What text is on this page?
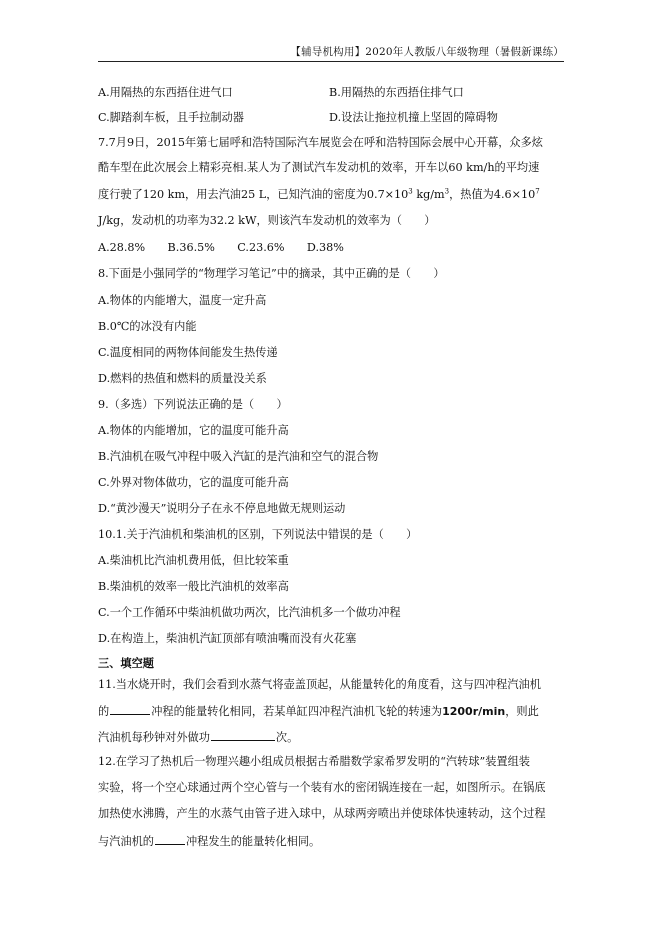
【辅导机构用】2020年人教版八年级物理（暑假新课练）
A.用隔热的东西捂住进气口	B.用隔热的东西捂住排气口
C.脚踏刹车板，且手拉制动器	D.设法让拖拉机撞上坚固的障碍物
7.7月9日，2015年第七届呼和浩特国际汽车展览会在呼和浩特国际会展中心开幕，众多炫
酷车型在此次展会上精彩亮相.某人为了测试汽车发动机的效率，开车以60 km/h的平均速
度行驶了120 km，用去汽油25 L，已知汽油的密度为$0.7\times 10^3$ $kg/m^3$，热值为$4.6\times 10^7$
J/kg，发动机的功率为32.2 kW，则该汽车发动机的效率为（　　）
A.28.8%　　B.36.5%　　C.23.6%　　D.38%
8.下面是小强同学的“物理学习笔记”中的摘录，其中正确的是（　　）
A.物体的内能增大，温度一定升高
B.0℃的冰没有内能
C.温度相同的两物体间能发生热传递
D.燃料的热值和燃料的质量没关系
9.（多选）下列说法正确的是（　　）
A.物体的内能增加，它的温度可能升高
B.汽油机在吸气冲程中吸入汽缸的是汽油和空气的混合物
C.外界对物体做功，它的温度可能升高
D.“黄沙漫天”说明分子在永不停息地做无规则运动
10.1.关于汽油机和柴油机的区别，下列说法中错误的是（　　）
A.柴油机比汽油机费用低，但比较笨重
B.柴油机的效率一般比汽油机的效率高
C.一个工作循环中柴油机做功两次，比汽油机多一个做功冲程
D.在构造上，柴油机汽缸顶部有喷油嘴而没有火花塞
三、填空题
11.当水烧开时，我们会看到水蒸气将壶盖顶起，从能量转化的角度看，这与四冲程汽油机
的	冲程的能量转化相同，若某单缸四冲程汽油机飞轮的转速为1200r/min，则此
汽油机每秒钟对外做功	次。
12.在学习了热机后一物理兴趣小组成员根据古希腊数学家希罗发明的“汽转球”装置组装
实验，将一个空心球通过两个空心管与一个装有水的密闭锅连接在一起，如图所示。在锅底
加热使水沸腾，产生的水蒸气由管子进入球中，从球两旁喷出并使球体快速转动，这个过程
与汽油机的	冲程发生的能量转化相同。
